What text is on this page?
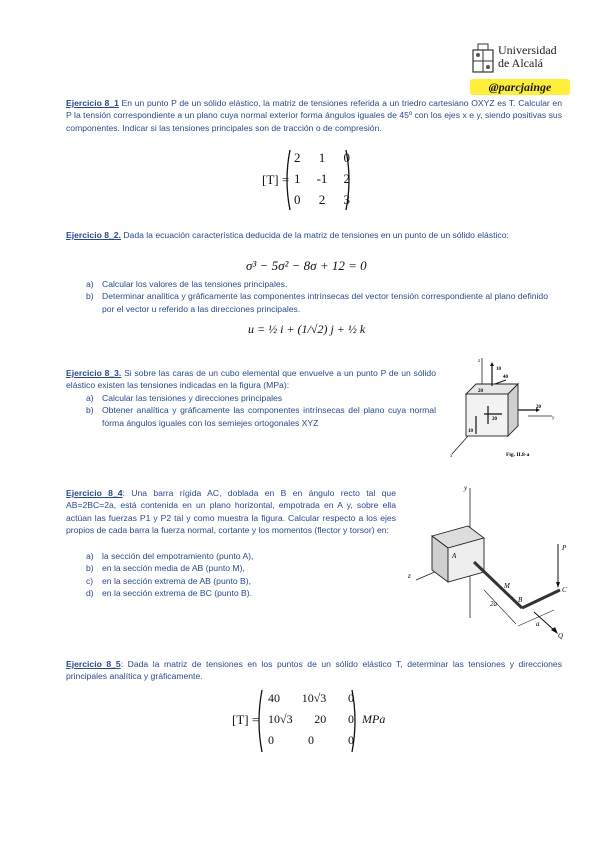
Universidad
de Alcalá
@parcjainge
Ejercicio 8_1 En un punto P de un sólido elástico, la matriz de tensiones referida a un triedro cartesiano OXYZ es T. Calcular en P la tensión correspondiente a un plano cuya normal exterior forma ángulos iguales de 45º con los ejes x e y, siendo positivas sus componentes. Indicar si las tensiones principales son de tracción o de compresión.
[T] =
2 1 0
1 -1 2
0 2 3
Ejercicio 8_2. Dada la ecuación característica deducida de la matriz de tensiones en un punto de un sólido elástico:
σ³ − 5σ² − 8σ + 12 = 0
a) Calcular los valores de las tensiones principales.
b) Determinar analítica y gráficamente las componentes intrínsecas del vector tensión correspondiente al plano definido por el vector u referido a las direcciones principales.
u = ½ i + (1/√2) j + ½ k
Ejercicio 8_3. Si sobre las caras de un cubo elemental que envuelve a un punto P de un sólido elástico existen las tensiones indicadas en la figura (MPa):
a) Calcular las tensiones y direcciones principales
b) Obtener analítica y gráficamente las componentes intrínsecas del plano cuya normal forma ángulos iguales con los semiejes ortogonales XYZ
z
y
x
10
40
20
20
20
10
Fig. II.8-a
Ejercicio 8_4: Una barra rígida AC, doblada en B en ángulo recto tal que AB=2BC=2a, está contenida en un plano horizontal, empotrada en A y, sobre ella actúan las fuerzas P1 y P2 tal y como muestra la figura. Calcular respecto a los ejes propios de cada barra la fuerza normal, cortante y los momentos (flector y torsor) en:
a) la sección del empotramiento (punto A),
b) en la sección media de AB (punto M),
c) en la sección extrema de AB (punto B),
d) en la sección extrema de BC (punto B).
y
z
A
M
B
C
P
Q
2a
a
Ejercicio 8_5: Dada la matriz de tensiones en los puntos de un sólido elástico T, determinar las tensiones y direcciones principales analítica y gráficamente.
[T] =
40 10√3 0
10√3 20 0
0	0	0
MPa
